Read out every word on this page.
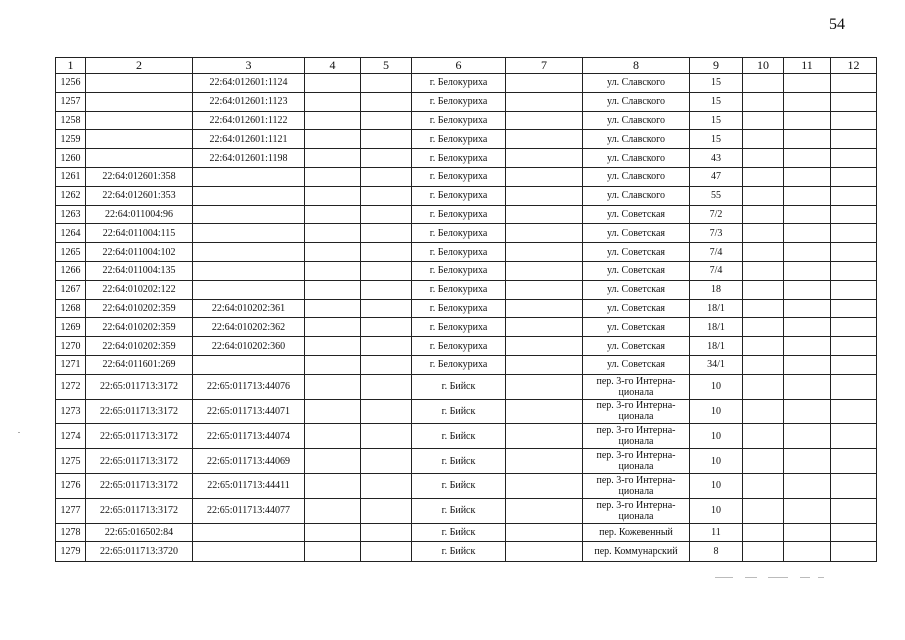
54
1	2	3	4	5	6	7	8	9	10	11	12
1256		22:64:012601:1124			г. Белокуриха		ул. Славского	15			
1257		22:64:012601:1123			г. Белокуриха		ул. Славского	15			
1258		22:64:012601:1122			г. Белокуриха		ул. Славского	15			
1259		22:64:012601:1121			г. Белокуриха		ул. Славского	15			
1260		22:64:012601:1198			г. Белокуриха		ул. Славского	43			
1261	22:64:012601:358				г. Белокуриха		ул. Славского	47			
1262	22:64:012601:353				г. Белокуриха		ул. Славского	55			
1263	22:64:011004:96				г. Белокуриха		ул. Советская	7/2			
1264	22:64:011004:115				г. Белокуриха		ул. Советская	7/3			
1265	22:64:011004:102				г. Белокуриха		ул. Советская	7/4			
1266	22:64:011004:135				г. Белокуриха		ул. Советская	7/4			
1267	22:64:010202:122				г. Белокуриха		ул. Советская	18			
1268	22:64:010202:359	22:64:010202:361			г. Белокуриха		ул. Советская	18/1			
1269	22:64:010202:359	22:64:010202:362			г. Белокуриха		ул. Советская	18/1			
1270	22:64:010202:359	22:64:010202:360			г. Белокуриха		ул. Советская	18/1			
1271	22:64:011601:269				г. Белокуриха		ул. Советская	34/1			
1272	22:65:011713:3172	22:65:011713:44076			г. Бийск		пер. 3-го Интерна-
ционала	10			
1273	22:65:011713:3172	22:65:011713:44071			г. Бийск		пер. 3-го Интерна-
ционала	10			
1274	22:65:011713:3172	22:65:011713:44074			г. Бийск		пер. 3-го Интерна-
ционала	10			
1275	22:65:011713:3172	22:65:011713:44069			г. Бийск		пер. 3-го Интерна-
ционала	10			
1276	22:65:011713:3172	22:65:011713:44411			г. Бийск		пер. 3-го Интерна-
ционала	10			
1277	22:65:011713:3172	22:65:011713:44077			г. Бийск		пер. 3-го Интерна-
ционала	10			
1278	22:65:016502:84				г. Бийск		пер. Кожевенный	11			
1279	22:65:011713:3720				г. Бийск		пер. Коммунарский	8			
